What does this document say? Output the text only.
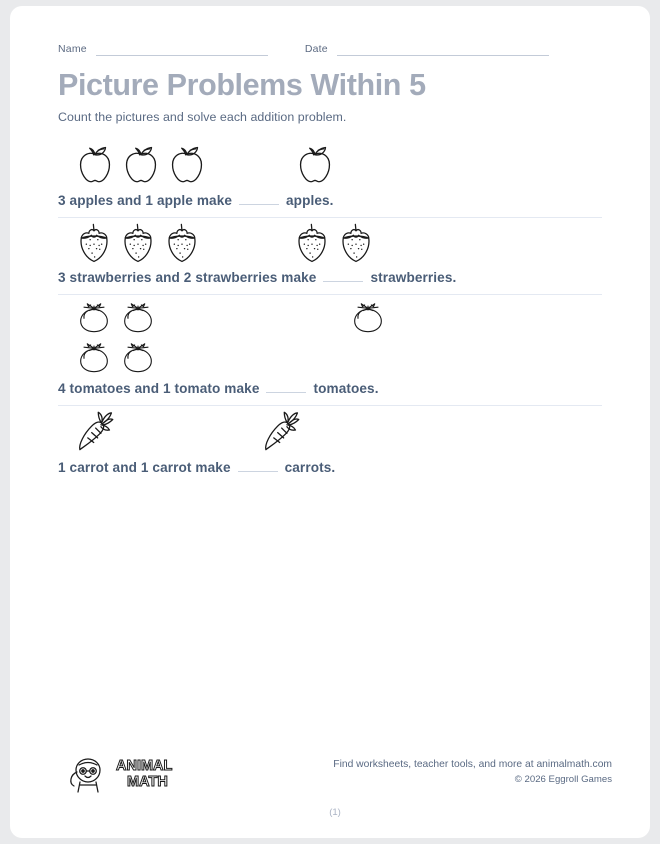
Name	Date
Picture Problems Within 5
Count the pictures and solve each addition problem.
3 apples and 1 apple make	apples.
3 strawberries and 2 strawberries make	strawberries.
4 tomatoes and 1 tomato make	tomatoes.
1 carrot and 1 carrot make	carrots.
ANIMAL
MATH
Find worksheets, teacher tools, and more at animalmath.com
© 2026 Eggroll Games
(1)
